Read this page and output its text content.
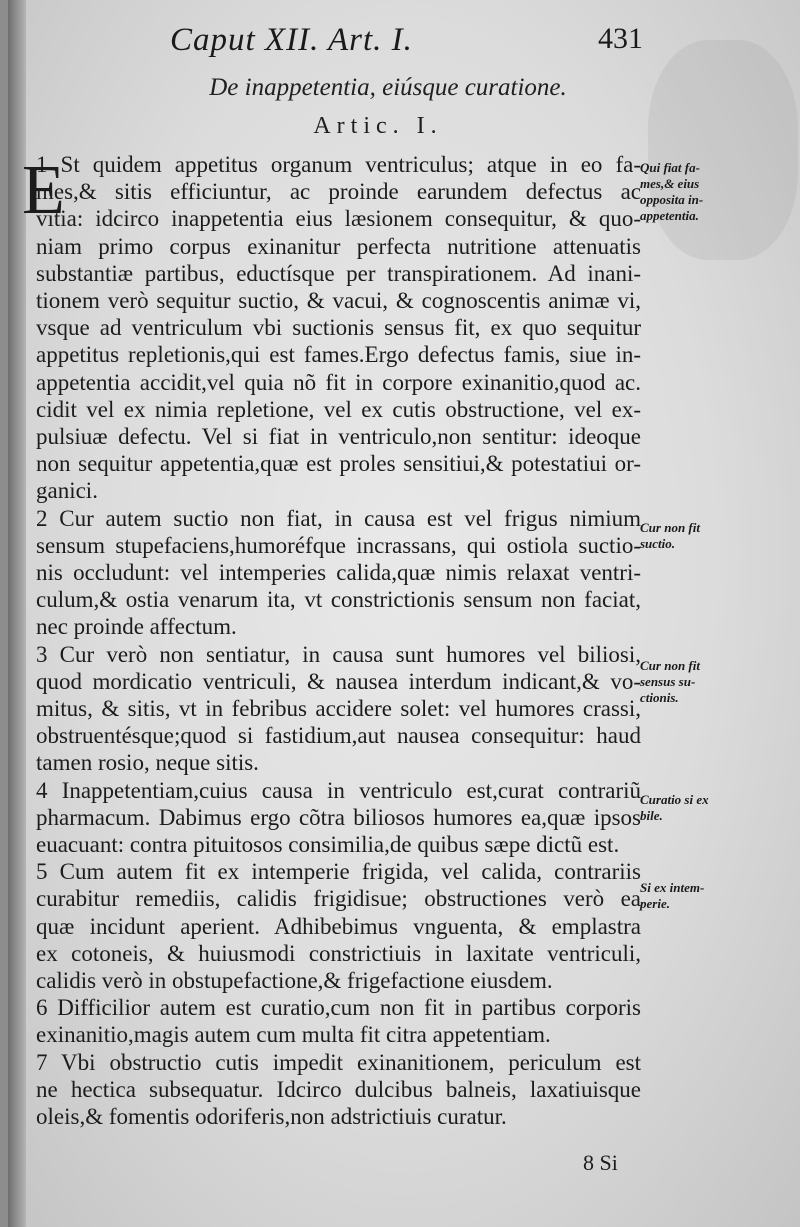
Caput XII. Art. I.	431
De inappetentia, eiúsque curatione.
Artic. I.
E
1 St quidem appetitus organum ventriculus; atque in eo fa-
mes,& sitis efficiuntur, ac proinde earundem defectus ac
vitia: idcirco inappetentia eius læsionem consequitur, & quo-
niam primo corpus exinanitur perfecta nutritione attenuatis
substantiæ partibus, eductísque per transpirationem. Ad inani-
tionem verò sequitur suctio, & vacui, & cognoscentis animæ vi,
vsque ad ventriculum vbi suctionis sensus fit, ex quo sequitur
appetitus repletionis,qui est fames.Ergo defectus famis, siue in-
appetentia accidit,vel quia nõ fit in corpore exinanitio,quod ac.
cidit vel ex nimia repletione, vel ex cutis obstructione, vel ex-
pulsiuæ defectu. Vel si fiat in ventriculo,non sentitur: ideoque
non sequitur appetentia,quæ est proles sensitiui,& potestatiui or-
ganici.
2 Cur autem suctio non fiat, in causa est vel frigus nimium
sensum stupefaciens,humoréfque incrassans, qui ostiola suctio-
nis occludunt: vel intemperies calida,quæ nimis relaxat ventri-
culum,& ostia venarum ita, vt constrictionis sensum non faciat,
nec proinde affectum.
3 Cur verò non sentiatur, in causa sunt humores vel biliosi,
quod mordicatio ventriculi, & nausea interdum indicant,& vo-
mitus, & sitis, vt in febribus accidere solet: vel humores crassi,
obstruentésque;quod si fastidium,aut nausea consequitur: haud
tamen rosio, neque sitis.
4 Inappetentiam,cuius causa in ventriculo est,curat contrariũ
pharmacum. Dabimus ergo cõtra biliosos humores ea,quæ ipsos
euacuant: contra pituitosos consimilia,de quibus sæpe dictũ est.
5 Cum autem fit ex intemperie frigida, vel calida, contrariis
curabitur remediis, calidis frigidisue; obstructiones verò ea
quæ incidunt aperient. Adhibebimus vnguenta, & emplastra
ex cotoneis, & huiusmodi constrictiuis in laxitate ventriculi,
calidis verò in obstupefactione,& frigefactione eiusdem.
6 Difficilior autem est curatio,cum non fit in partibus corporis
exinanitio,magis autem cum multa fit citra appetentiam.
7 Vbi obstructio cutis impedit exinanitionem, periculum est
ne hectica subsequatur. Idcirco dulcibus balneis, laxatiuisque
oleis,& fomentis odoriferis,non adstrictiuis curatur.
Qui fiat fa-
mes,& eius
opposita in-
appetentia.
Cur non fit
suctio.
Cur non fit
sensus su-
ctionis.
Curatio si ex
bile.
Si ex intem-
perie.
8 Si
